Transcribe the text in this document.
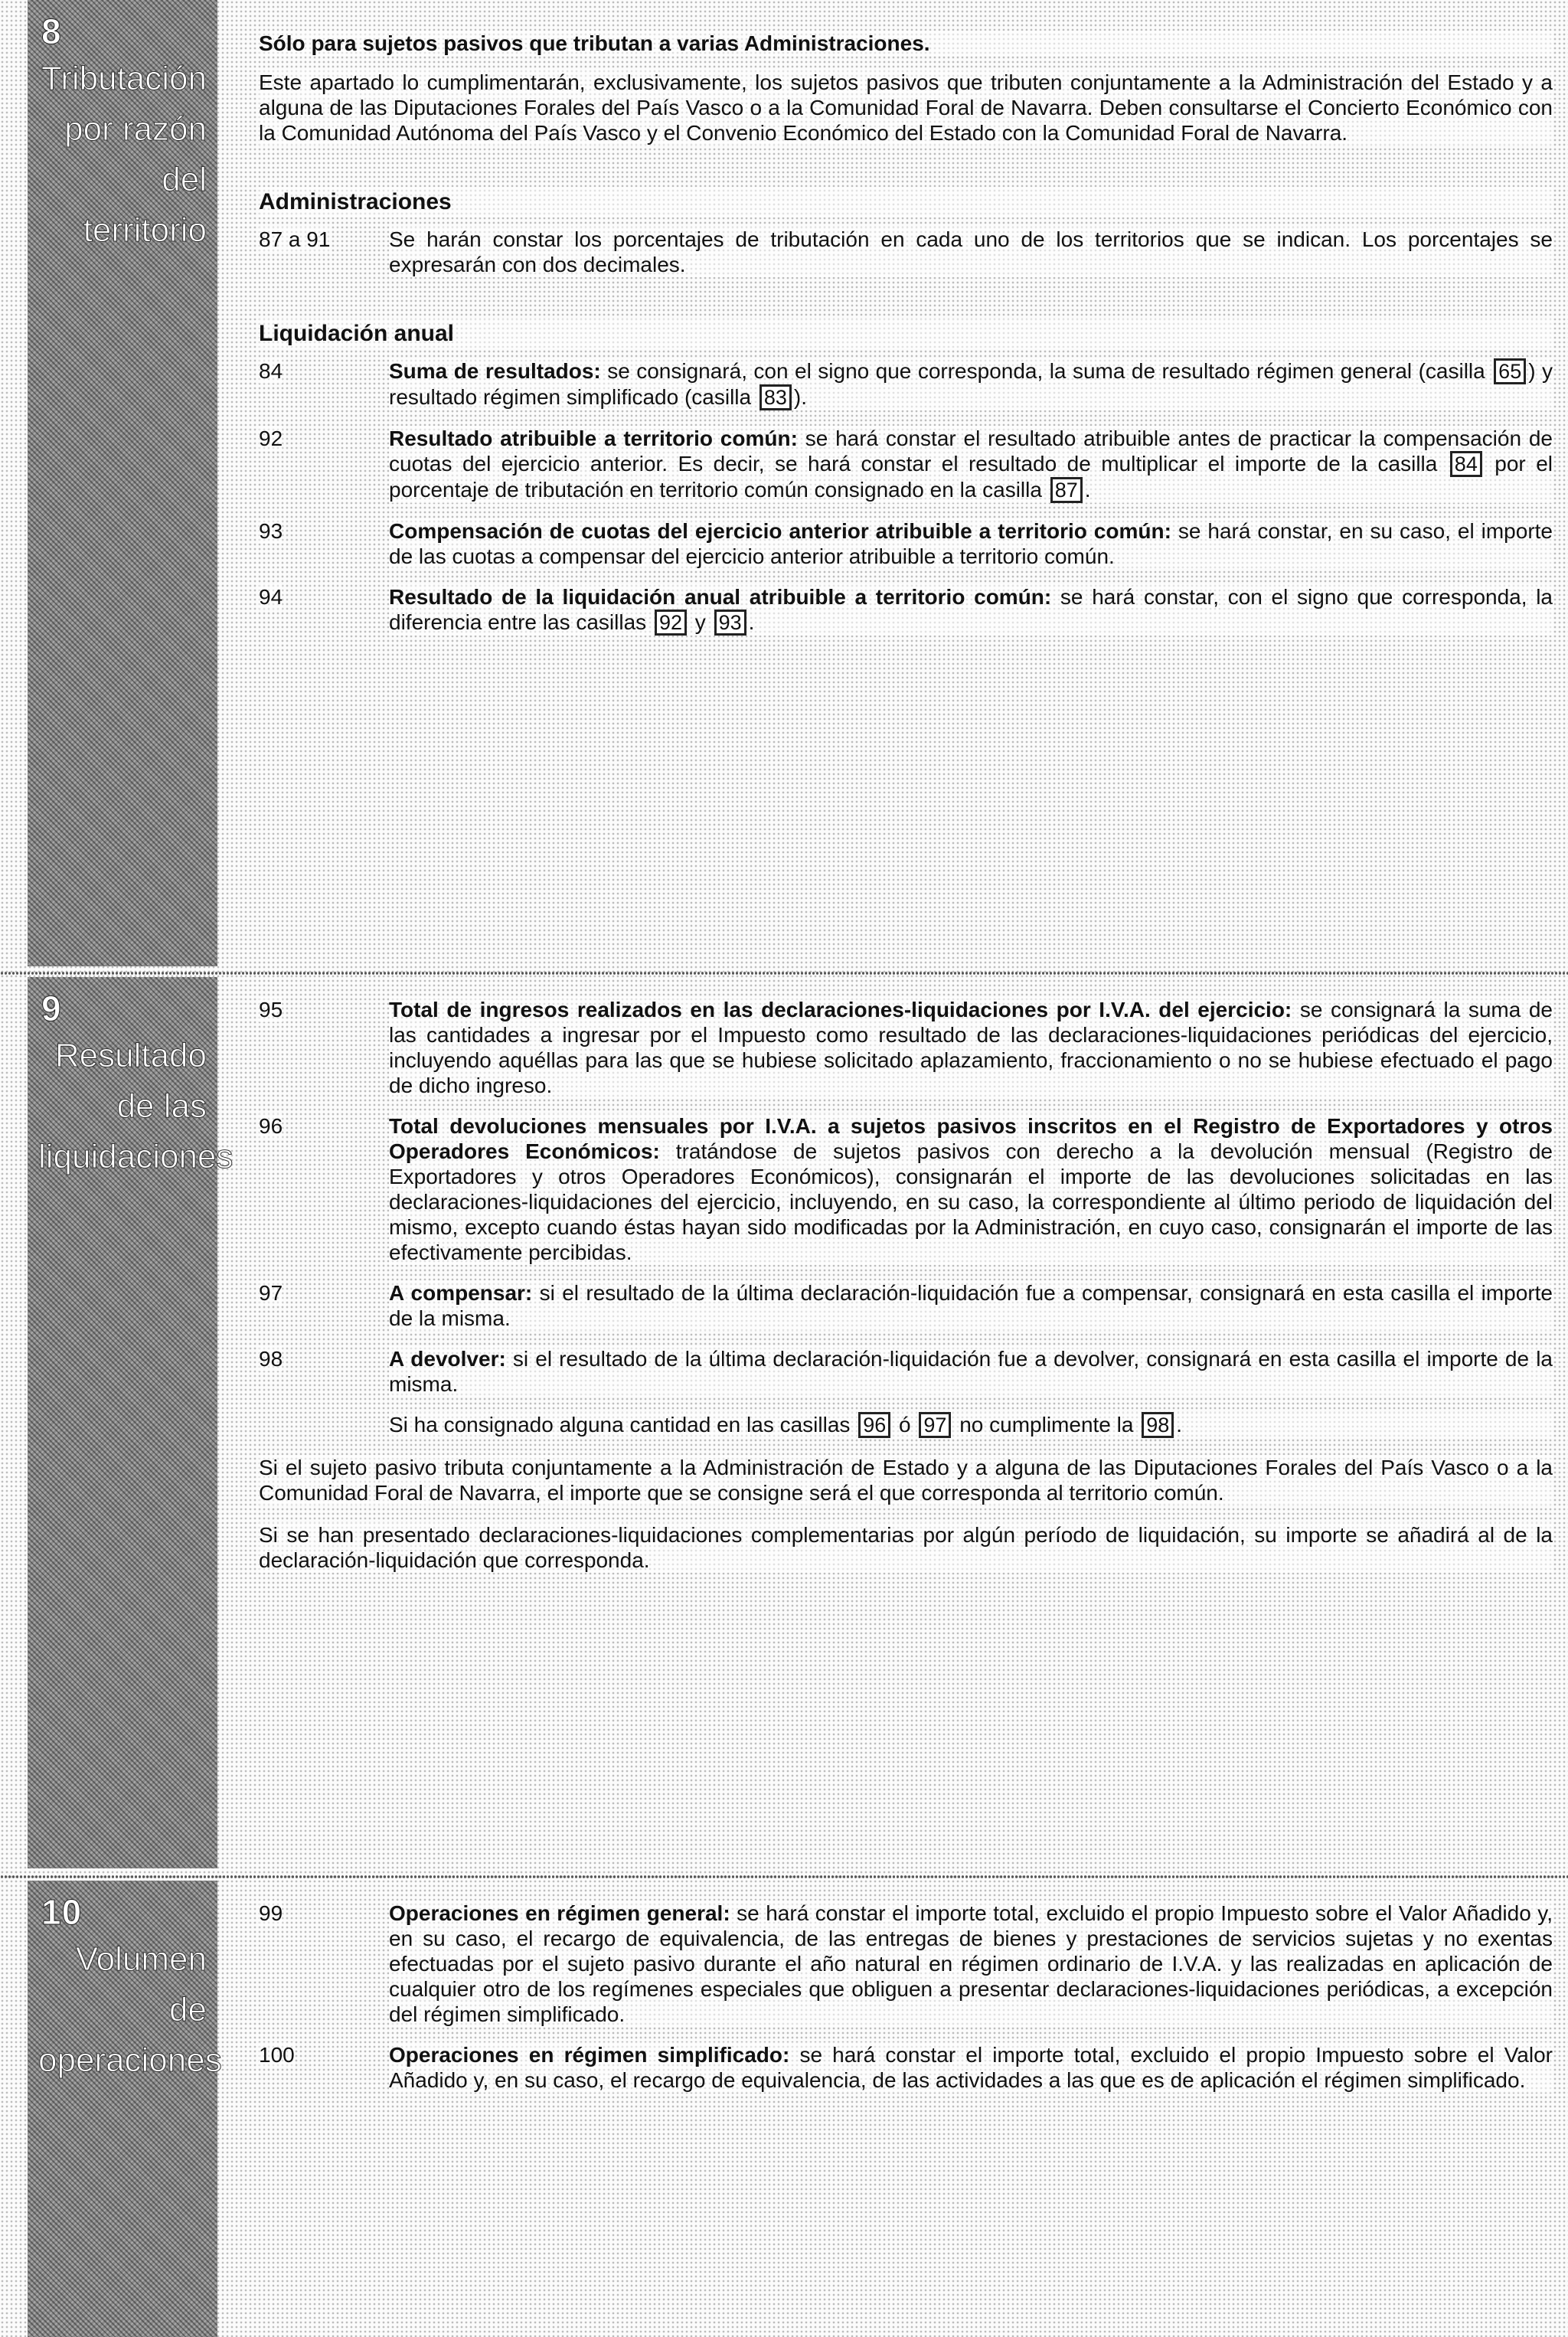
8
Tributación por razón del territorio

Sólo para sujetos pasivos que tributan a varias Administraciones.

Este apartado lo cumplimentarán, exclusivamente, los sujetos pasivos que tributen conjuntamente a la Administración del Estado y a alguna de las Diputaciones Forales del País Vasco o a la Comunidad Foral de Navarra. Deben consultarse el Concierto Económico con la Comunidad Autónoma del País Vasco y el Convenio Económico del Estado con la Comunidad Foral de Navarra.

Administraciones

87 a 91	Se harán constar los porcentajes de tributación en cada uno de los territorios que se indican. Los porcentajes se expresarán con dos decimales.

Liquidación anual

84	Suma de resultados: se consignará, con el signo que corresponda, la suma de resultado régimen general (casilla 65 ) y resultado régimen simplificado (casilla 83 ).

92	Resultado atribuible a territorio común: se hará constar el resultado atribuible antes de practicar la compensación de cuotas del ejercicio anterior. Es decir, se hará constar el resultado de multiplicar el importe de la casilla 84 por el porcentaje de tributación en territorio común consignado en la casilla 87 .

93	Compensación de cuotas del ejercicio anterior atribuible a territorio común: se hará constar, en su caso, el importe de las cuotas a compensar del ejercicio anterior atribuible a territorio común.

94	Resultado de la liquidación anual atribuible a territorio común: se hará constar, con el signo que corresponda, la diferencia entre las casillas 92 y 93 .

9
Resultado de las liquidaciones
95	Total de ingresos realizados en las declaraciones-liquidaciones por I.V.A. del ejercicio: se consignará la suma de las cantidades a ingresar por el Impuesto como resultado de las declaraciones-liquidaciones periódicas del ejercicio, incluyendo aquéllas para las que se hubiese solicitado aplazamiento, fraccionamiento o no se hubiese efectuado el pago de dicho ingreso.

96	Total devoluciones mensuales por I.V.A. a sujetos pasivos inscritos en el Registro de Exportadores y otros Operadores Económicos: tratándose de sujetos pasivos con derecho a la devolución mensual (Registro de Exportadores y otros Operadores Económicos), consignarán el importe de las devoluciones solicitadas en las declaraciones-liquidaciones del ejercicio, incluyendo, en su caso, la correspondiente al último periodo de liquidación del mismo, excepto cuando éstas hayan sido modificadas por la Administración, en cuyo caso, consignarán el importe de las efectivamente percibidas.

97	A compensar: si el resultado de la última declaración-liquidación fue a compensar, consignará en esta casilla el importe de la misma.

98	A devolver: si el resultado de la última declaración-liquidación fue a devolver, consignará en esta casilla el importe de la misma.

Si ha consignado alguna cantidad en las casillas 96 ó 97 no cumplimente la 98 .

Si el sujeto pasivo tributa conjuntamente a la Administración de Estado y a alguna de las Diputaciones Forales del País Vasco o a la Comunidad Foral de Navarra, el importe que se consigne será el que corresponda al territorio común.

Si se han presentado declaraciones-liquidaciones complementarias por algún período de liquidación, su importe se añadirá al de la declaración-liquidación que corresponda.

10
Volumen de operaciones
99	Operaciones en régimen general: se hará constar el importe total, excluido el propio Impuesto sobre el Valor Añadido y, en su caso, el recargo de equivalencia, de las entregas de bienes y prestaciones de servicios sujetas y no exentas efectuadas por el sujeto pasivo durante el año natural en régimen ordinario de I.V.A. y las realizadas en aplicación de cualquier otro de los regímenes especiales que obliguen a presentar declaraciones-liquidaciones periódicas, a excepción del régimen simplificado.

100	Operaciones en régimen simplificado: se hará constar el importe total, excluido el propio Impuesto sobre el Valor Añadido y, en su caso, el recargo de equivalencia, de las actividades a las que es de aplicación el régimen simplificado.
